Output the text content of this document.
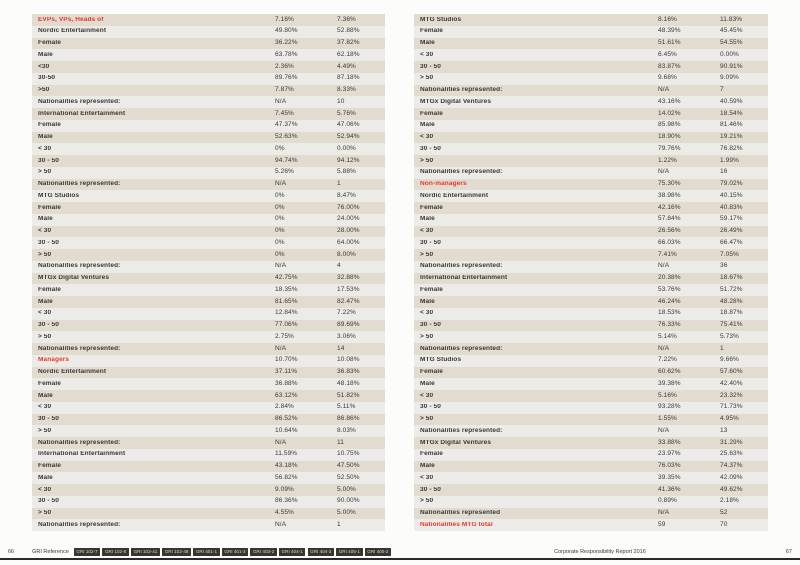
EVPs, VPs, Heads of	7.16%	7.36%
Nordic Entertainment	49.80%	52.88%
Female	36.22%	37.82%
Male	63.78%	62.18%
<30	2.36%	4.49%
30-50	89.76%	87.18%
>50	7.87%	8.33%
Nationalities represented:	N/A	10
International Entertainment	7.45%	5.76%
Female	47.37%	47.06%
Male	52.63%	52.94%
< 30	0%	0.00%
30 - 50	94.74%	94.12%
> 50	5.26%	5.88%
Nationalities represented:	N/A	1
MTG Studios	0%	8.47%
Female	0%	76.00%
Male	0%	24.00%
< 30	0%	28.00%
30 - 50	0%	64.00%
> 50	0%	8.00%
Nationalities represented:	N/A	4
MTGx Digital Ventures	42.75%	32.88%
Female	18.35%	17.53%
Male	81.65%	82.47%
< 30	12.84%	7.22%
30 - 50	77.06%	89.69%
> 50	2.75%	3.06%
Nationalities represented:	N/A	14
Managers	10.70%	10.08%
Nordic Entertainment	37.11%	36.83%
Female	36.88%	48.18%
Male	63.12%	51.82%
< 30	2.84%	5.11%
30 - 50	86.52%	86.86%
> 50	10.64%	8.03%
Nationalities represented:	N/A	11
International Entertainment	11.59%	10.75%
Female	43.18%	47.50%
Male	56.82%	52.50%
< 30	9.09%	5.00%
30 - 50	86.36%	90.00%
> 50	4.55%	5.00%
Nationalities represented:	N/A	1
MTG Studios	8.16%	11.83%
Female	48.39%	45.45%
Male	51.61%	54.55%
< 30	6.45%	0.00%
30 - 50	83.87%	90.91%
> 50	9.68%	9.09%
Nationalities represented:	N/A	7
MTGx Digital Ventures	43.16%	40.59%
Female	14.02%	18.54%
Male	85.98%	81.46%
< 30	18.90%	19.21%
30 - 50	79.76%	76.82%
> 50	1.22%	1.99%
Nationalities represented:	N/A	16
Non-managers	75.30%	79.02%
Nordic Entertainment	38.98%	40.15%
Female	42.16%	40.83%
Male	57.84%	59.17%
< 30	26.56%	26.49%
30 - 50	66.03%	66.47%
> 50	7.41%	7.05%
Nationalities represented:	N/A	36
International Entertainment	20.38%	18.67%
Female	53.76%	51.72%
Male	46.24%	48.28%
< 30	18.53%	18.87%
30 - 50	76.33%	75.41%
> 50	5.14%	5.73%
Nationalities represented:	N/A	1
MTG Studios	7.22%	9.66%
Female	60.62%	57.60%
Male	39.38%	42.40%
< 30	5.16%	23.32%
30 - 50	93.28%	71.73%
> 50	1.55%	4.95%
Nationalities represented:	N/A	13
MTGx Digital Ventures	33.88%	31.29%
Female	23.97%	25.63%
Male	76.03%	74.37%
< 30	39.35%	42.09%
30 - 50	41.36%	49.62%
> 50	0.89%	2.18%
Nationalities represented	N/A	52
Nationalities MTG total	59	70
66	GRI Reference	GRI 102-7	GRI 102-8	GRI 102-41	GRI 102-48	GRI 401-1	GRI 401-3	GRI 403-2	GRI 404-1	GRI 404-3	GRI 405-1	GRI 405-2	Corporate Responsibility Report 2016	67
